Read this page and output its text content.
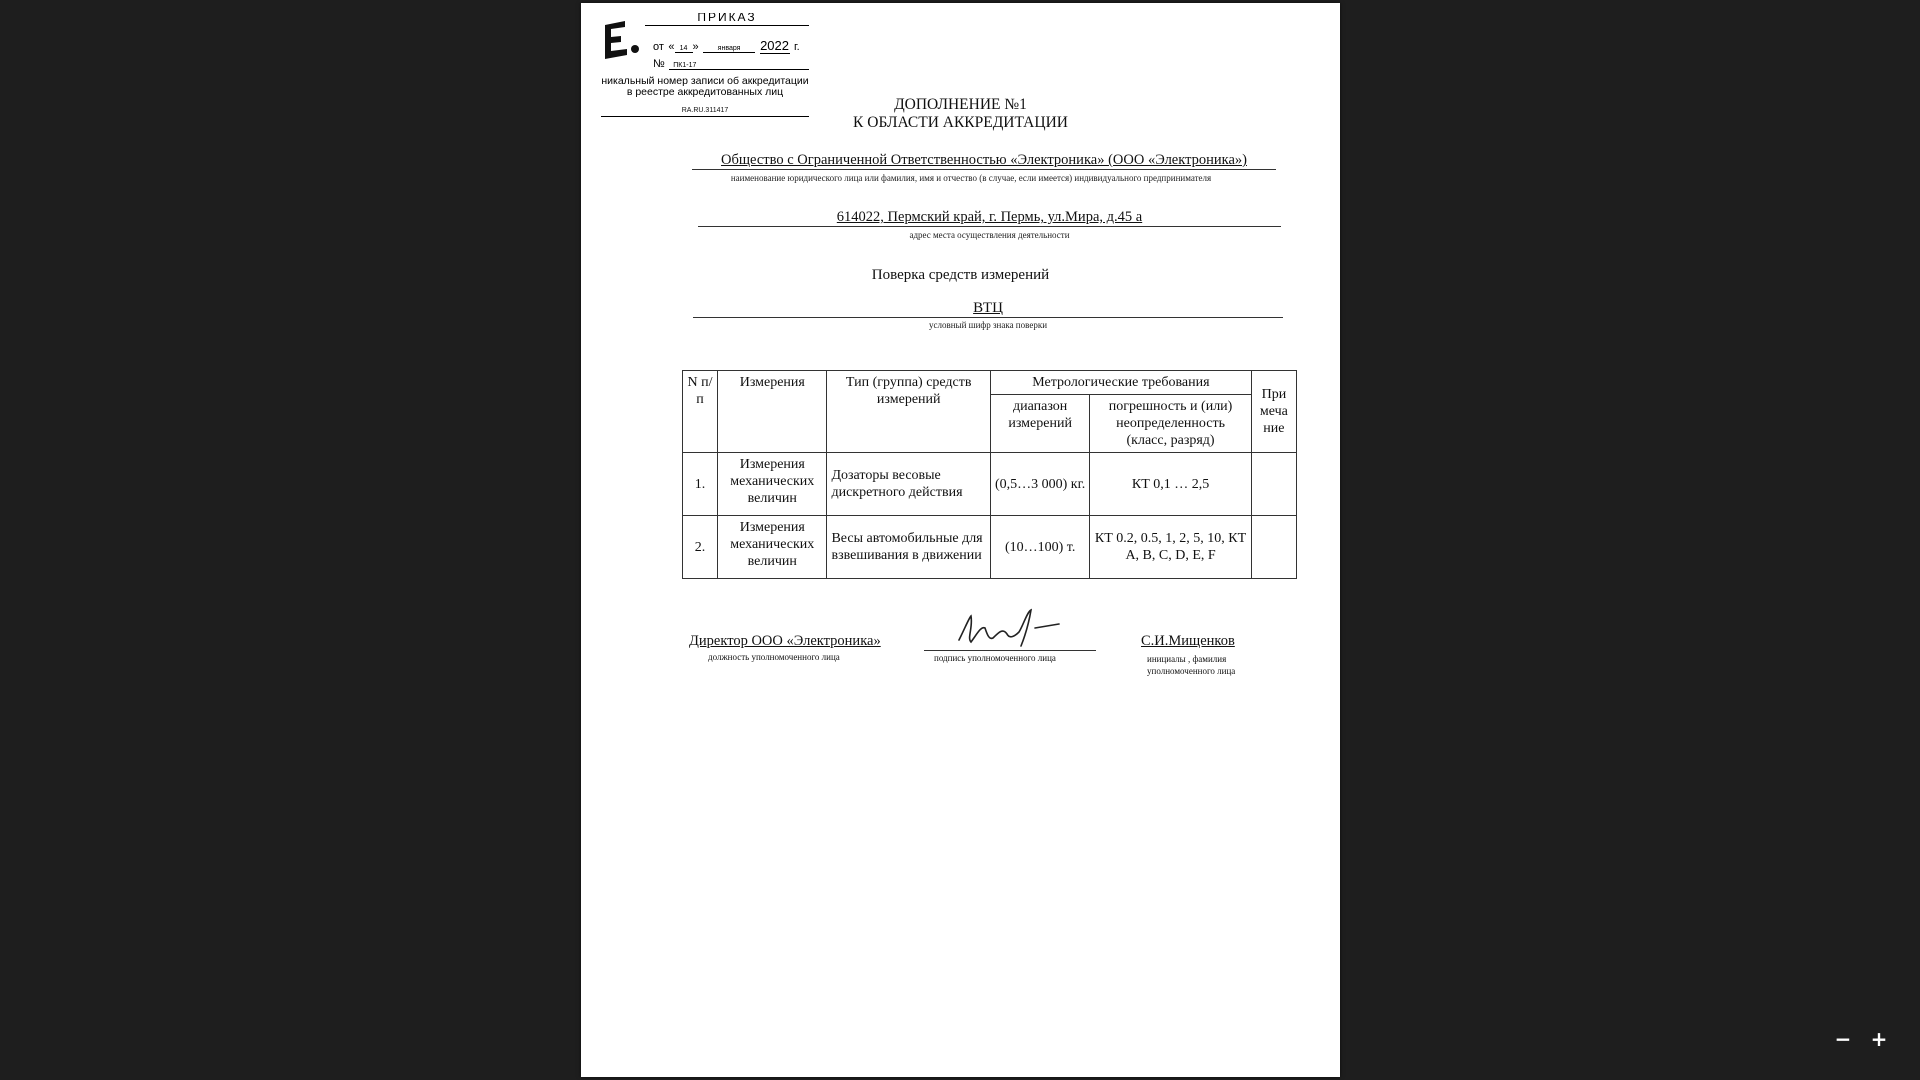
ПРИКАЗ
от « 14 »	января 2022 г.
№ ПК1-17
никальный номер записи об аккредитации в реестре аккредитованных лиц
RA.RU.311417	ДОПОЛНЕНИЕ №1
К ОБЛАСТИ АККРЕДИТАЦИИ
Общество с Ограниченной Ответственностью «Электроника» (ООО «Электроника»)
наименование юридического лица или фамилия, имя и отчество (в случае, если имеется) индивидуального предпринимателя
614022, Пермский край, г. Пермь, ул.Мира, д.45 а
адрес места осуществления деятельности
Поверка средств измерений
ВТЦ
условный шифр знака поверки
N п/п	Измерения	Тип (группа) средств измерений	Метрологические требования		При меча ние
			диапазон измерений	погрешность и (или) неопределенность (класс, разряд)	
1.	Измерения механических величин	Дозаторы весовые дискретного действия	(0,5…3 000) кг.	КТ 0,1 … 2,5	
2.	Измерения механических величин	Весы автомобильные для взвешивания в движении	(10…100) т.	КТ 0.2, 0.5, 1, 2, 5, 10, КТ A, B, C, D, E, F	
Директор ООО «Электроника»
должность уполномоченного лица	подпись уполномоченного лица
С.И.Мищенков
инициалы , фамилия уполномоченного лица
− +
